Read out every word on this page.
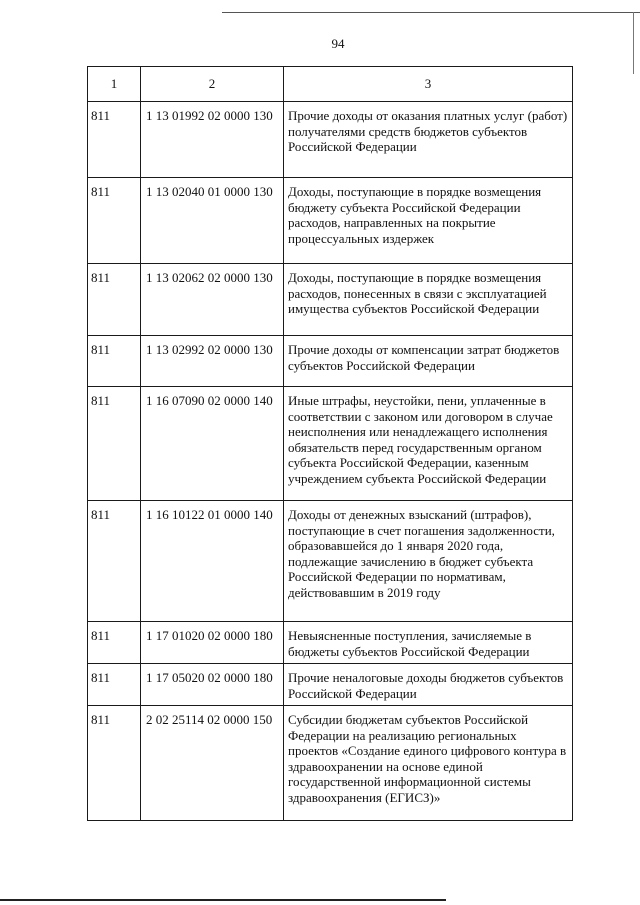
94
1	2	3
811	1 13 01992 02 0000 130	Прочие доходы от оказания платных услуг (работ) получателями средств бюджетов субъектов Российской Федерации
811	1 13 02040 01 0000 130	Доходы, поступающие в порядке возмещения бюджету субъекта Российской Федерации расходов, направленных на покрытие процессуальных издержек
811	1 13 02062 02 0000 130	Доходы, поступающие в порядке возмещения расходов, понесенных в связи с эксплуатацией имущества субъектов Российской Федерации
811	1 13 02992 02 0000 130	Прочие доходы от компенсации затрат бюджетов субъектов Российской Федерации
811	1 16 07090 02 0000 140	Иные штрафы, неустойки, пени, уплаченные в соответствии с законом или договором в случае неисполнения или ненадлежащего исполнения обязательств перед государственным органом субъекта Российской Федерации, казенным учреждением субъекта Российской Федерации
811	1 16 10122 01 0000 140	Доходы от денежных взысканий (штрафов), поступающие в счет погашения задолженности, образовавшейся до 1 января 2020 года, подлежащие зачислению в бюджет субъекта Российской Федерации по нормативам, действовавшим в 2019 году
811	1 17 01020 02 0000 180	Невыясненные поступления, зачисляемые в бюджеты субъектов Российской Федерации
811	1 17 05020 02 0000 180	Прочие неналоговые доходы бюджетов субъектов Российской Федерации
811	2 02 25114 02 0000 150	Субсидии бюджетам субъектов Российской Федерации на реализацию региональных проектов «Создание единого цифрового контура в здравоохранении на основе единой государственной информационной системы здравоохранения (ЕГИСЗ)»
